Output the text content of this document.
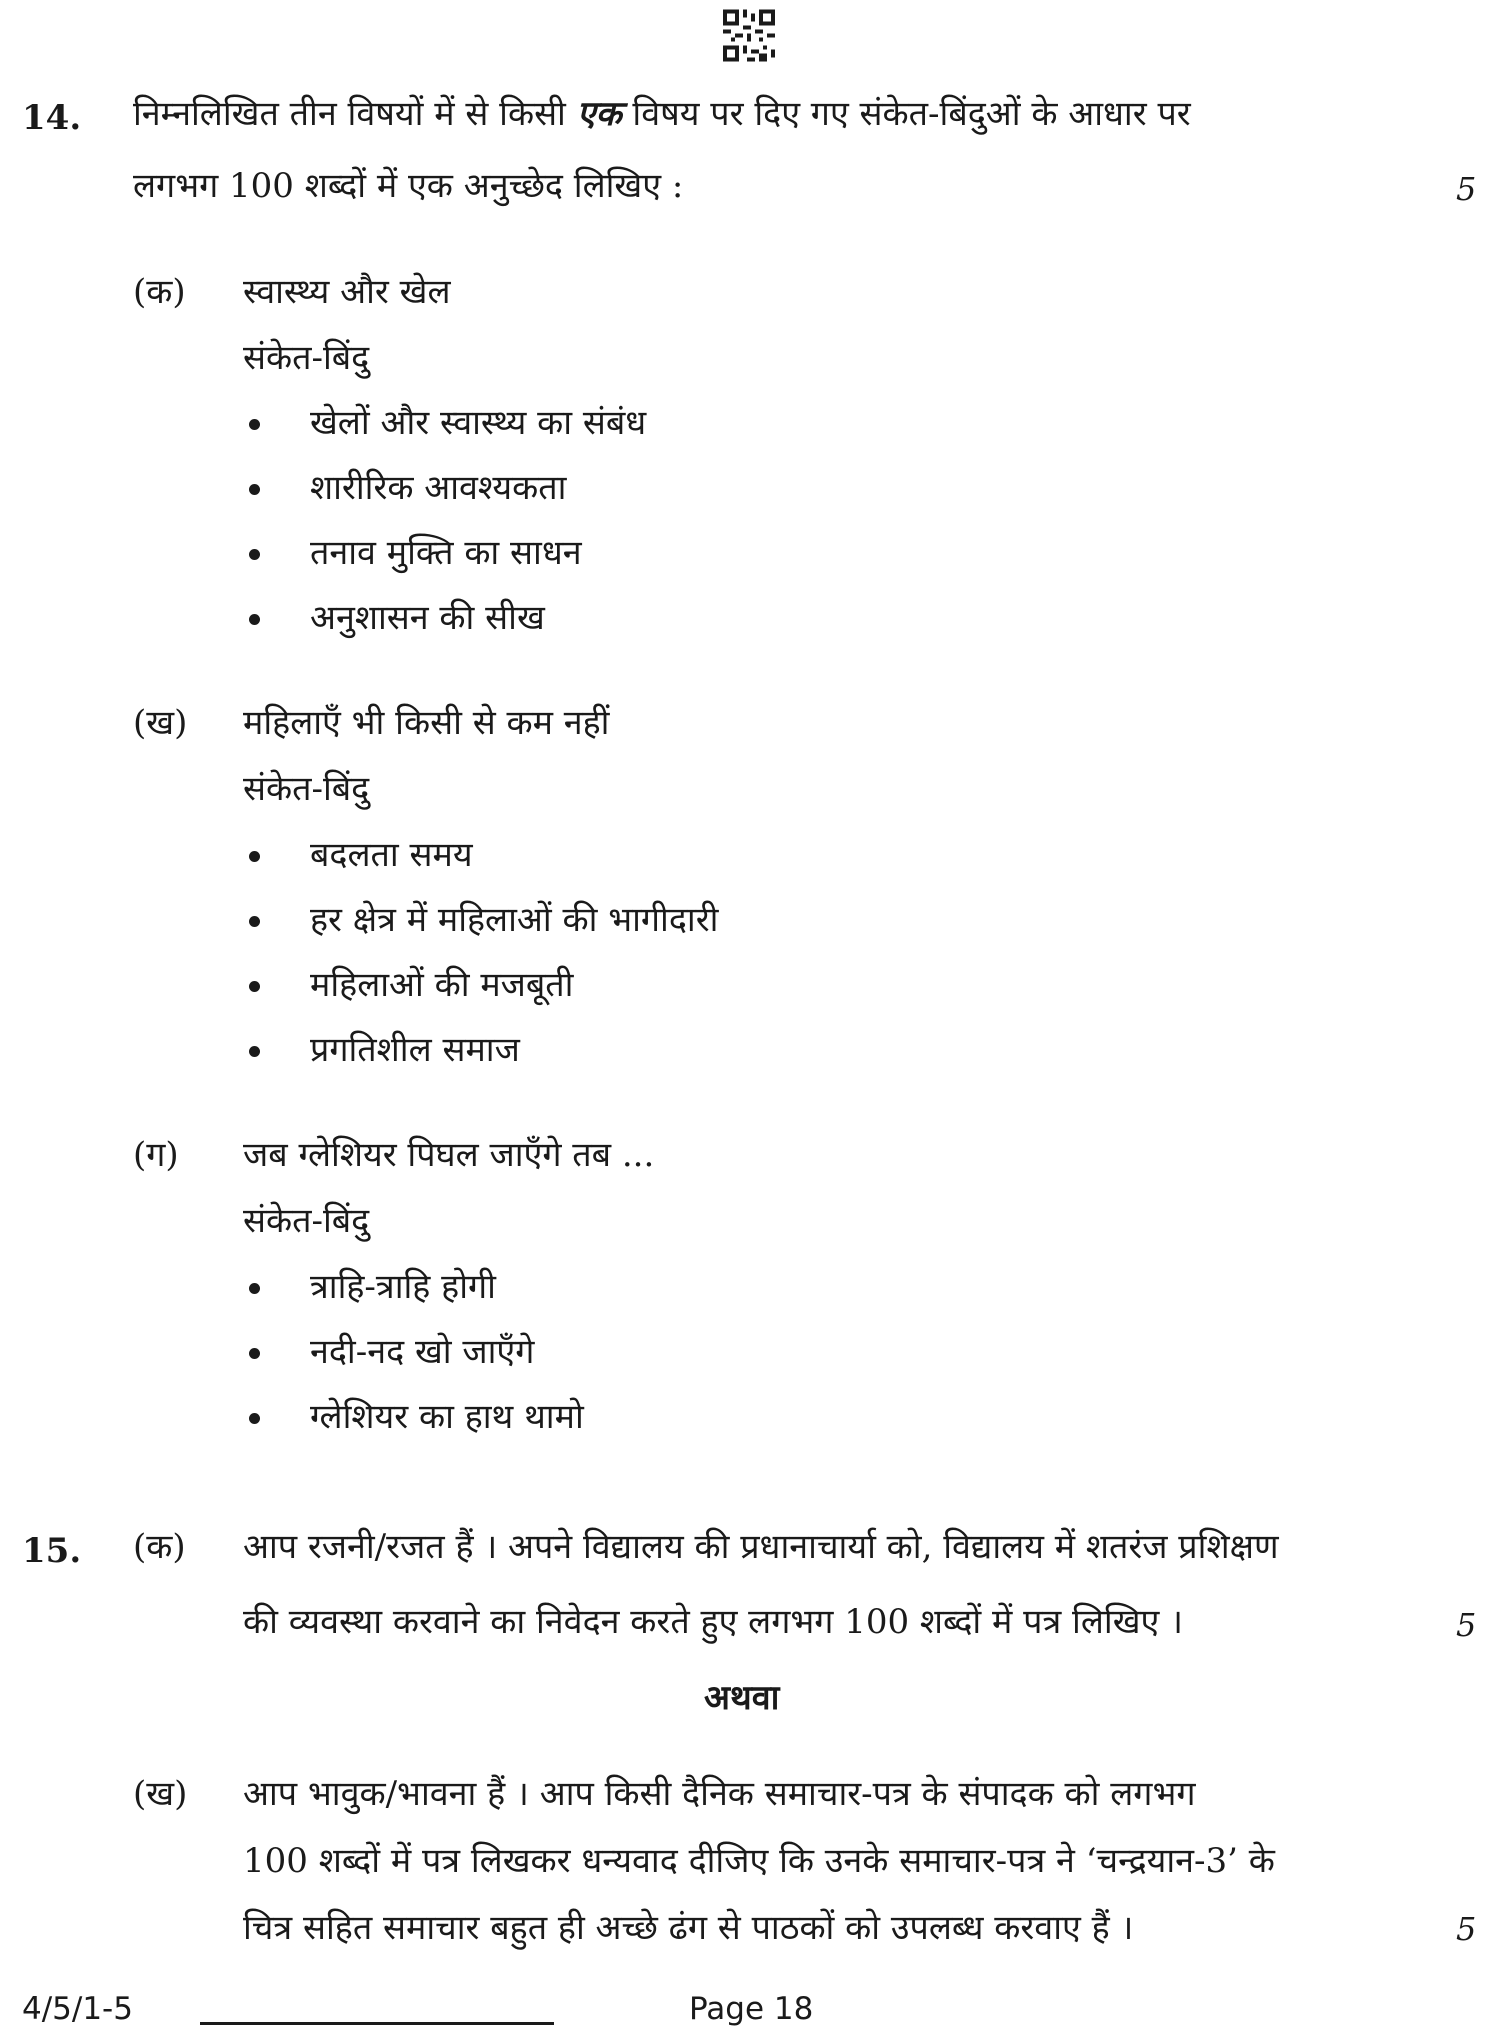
14. निम्नलिखित तीन विषयों में से किसी एक विषय पर दिए गए संकेत-बिंदुओं के आधार पर
लगभग 100 शब्दों में एक अनुच्छेद लिखिए :	5
(क) स्वास्थ्य और खेल
संकेत-बिंदु
खेलों और स्वास्थ्य का संबंध
शारीरिक आवश्यकता
तनाव मुक्ति का साधन
अनुशासन की सीख
(ख) महिलाएँ भी किसी से कम नहीं
संकेत-बिंदु
बदलता समय
हर क्षेत्र में महिलाओं की भागीदारी
महिलाओं की मजबूती
प्रगतिशील समाज
(ग) जब ग्लेशियर पिघल जाएँगे तब ...
संकेत-बिंदु
त्राहि-त्राहि होगी
नदी-नद खो जाएँगे
ग्लेशियर का हाथ थामो
15. (क) आप रजनी/रजत हैं । अपने विद्यालय की प्रधानाचार्या को, विद्यालय में शतरंज प्रशिक्षण
की व्यवस्था करवाने का निवेदन करते हुए लगभग 100 शब्दों में पत्र लिखिए ।	5
अथवा
(ख) आप भावुक/भावना हैं । आप किसी दैनिक समाचार-पत्र के संपादक को लगभग
100 शब्दों में पत्र लिखकर धन्यवाद दीजिए कि उनके समाचार-पत्र ने ‘चन्द्रयान-3’ के
चित्र सहित समाचार बहुत ही अच्छे ढंग से पाठकों को उपलब्ध करवाए हैं ।	5
4/5/1-5	Page 18
